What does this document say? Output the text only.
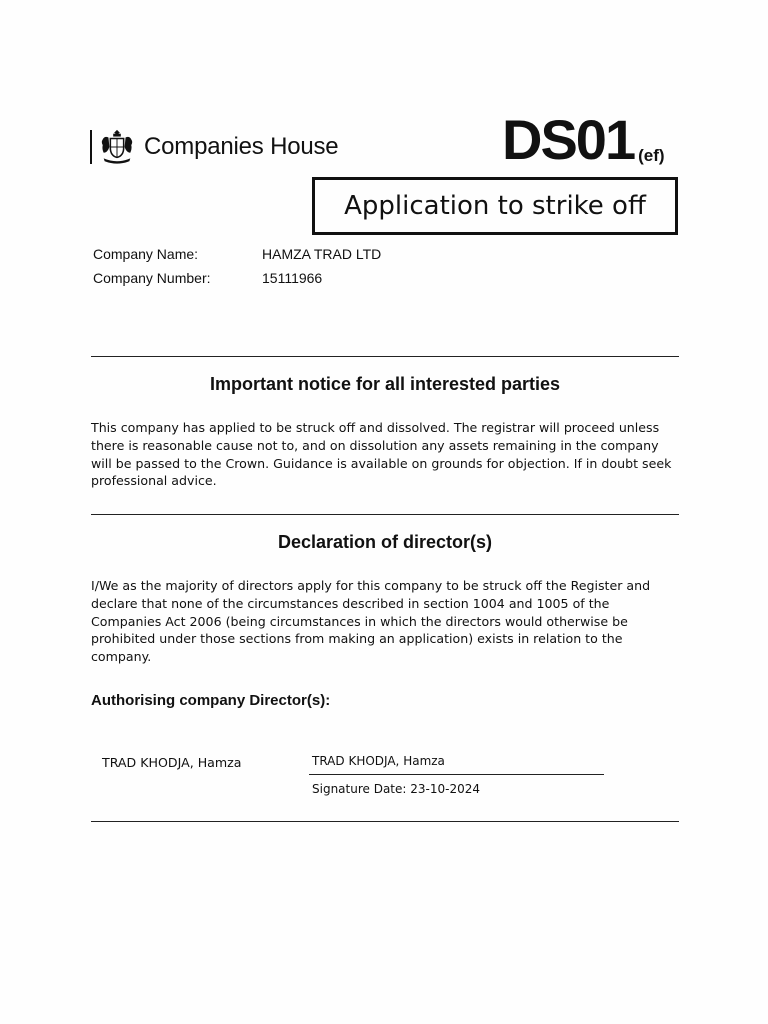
Companies House	DS01 (ef)
Application to strike off
Company Name:	HAMZA TRAD LTD
Company Number:	15111966
Important notice for all interested parties
This company has applied to be struck off and dissolved. The registrar will proceed unless there is reasonable cause not to, and on dissolution any assets remaining in the company will be passed to the Crown. Guidance is available on grounds for objection. If in doubt seek professional advice.
Declaration of director(s)
I/We as the majority of directors apply for this company to be struck off the Register and declare that none of the circumstances described in section 1004 and 1005 of the Companies Act 2006 (being circumstances in which the directors would otherwise be prohibited under those sections from making an application) exists in relation to the company.
Authorising company Director(s):
TRAD KHODJA, Hamza	TRAD KHODJA, Hamza
Signature Date: 23-10-2024
